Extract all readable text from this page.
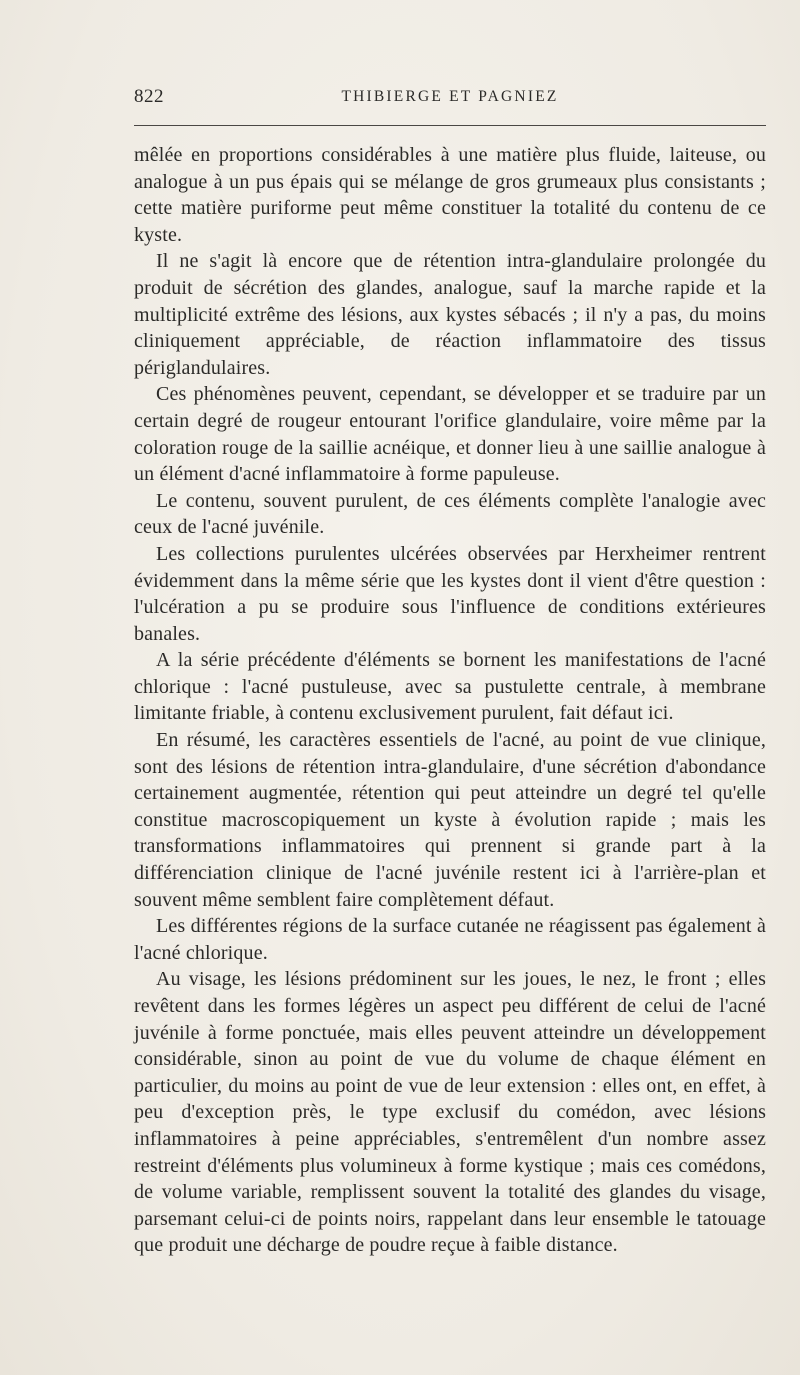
822	THIBIERGE ET PAGNIEZ

mêlée en proportions considérables à une matière plus fluide, laiteuse, ou analogue à un pus épais qui se mélange de gros grumeaux plus consistants ; cette matière puriforme peut même constituer la totalité du contenu de ce kyste.

Il ne s'agit là encore que de rétention intra-glandulaire prolongée du produit de sécrétion des glandes, analogue, sauf la marche rapide et la multiplicité extrême des lésions, aux kystes sébacés ; il n'y a pas, du moins cliniquement appréciable, de réaction inflammatoire des tissus périglandulaires.

Ces phénomènes peuvent, cependant, se développer et se traduire par un certain degré de rougeur entourant l'orifice glandulaire, voire même par la coloration rouge de la saillie acnéique, et donner lieu à une saillie analogue à un élément d'acné inflammatoire à forme papuleuse.

Le contenu, souvent purulent, de ces éléments complète l'analogie avec ceux de l'acné juvénile.

Les collections purulentes ulcérées observées par Herxheimer rentrent évidemment dans la même série que les kystes dont il vient d'être question : l'ulcération a pu se produire sous l'influence de conditions extérieures banales.

A la série précédente d'éléments se bornent les manifestations de l'acné chlorique : l'acné pustuleuse, avec sa pustulette centrale, à membrane limitante friable, à contenu exclusivement purulent, fait défaut ici.

En résumé, les caractères essentiels de l'acné, au point de vue clinique, sont des lésions de rétention intra-glandulaire, d'une sécrétion d'abondance certainement augmentée, rétention qui peut atteindre un degré tel qu'elle constitue macroscopiquement un kyste à évolution rapide ; mais les transformations inflammatoires qui prennent si grande part à la différenciation clinique de l'acné juvénile restent ici à l'arrière-plan et souvent même semblent faire complètement défaut.

Les différentes régions de la surface cutanée ne réagissent pas également à l'acné chlorique.

Au visage, les lésions prédominent sur les joues, le nez, le front ; elles revêtent dans les formes légères un aspect peu différent de celui de l'acné juvénile à forme ponctuée, mais elles peuvent atteindre un développement considérable, sinon au point de vue du volume de chaque élément en particulier, du moins au point de vue de leur extension : elles ont, en effet, à peu d'exception près, le type exclusif du comédon, avec lésions inflammatoires à peine appréciables, s'entremêlent d'un nombre assez restreint d'éléments plus volumineux à forme kystique ; mais ces comédons, de volume variable, remplissent souvent la totalité des glandes du visage, parsemant celui-ci de points noirs, rappelant dans leur ensemble le tatouage que produit une décharge de poudre reçue à faible distance.
